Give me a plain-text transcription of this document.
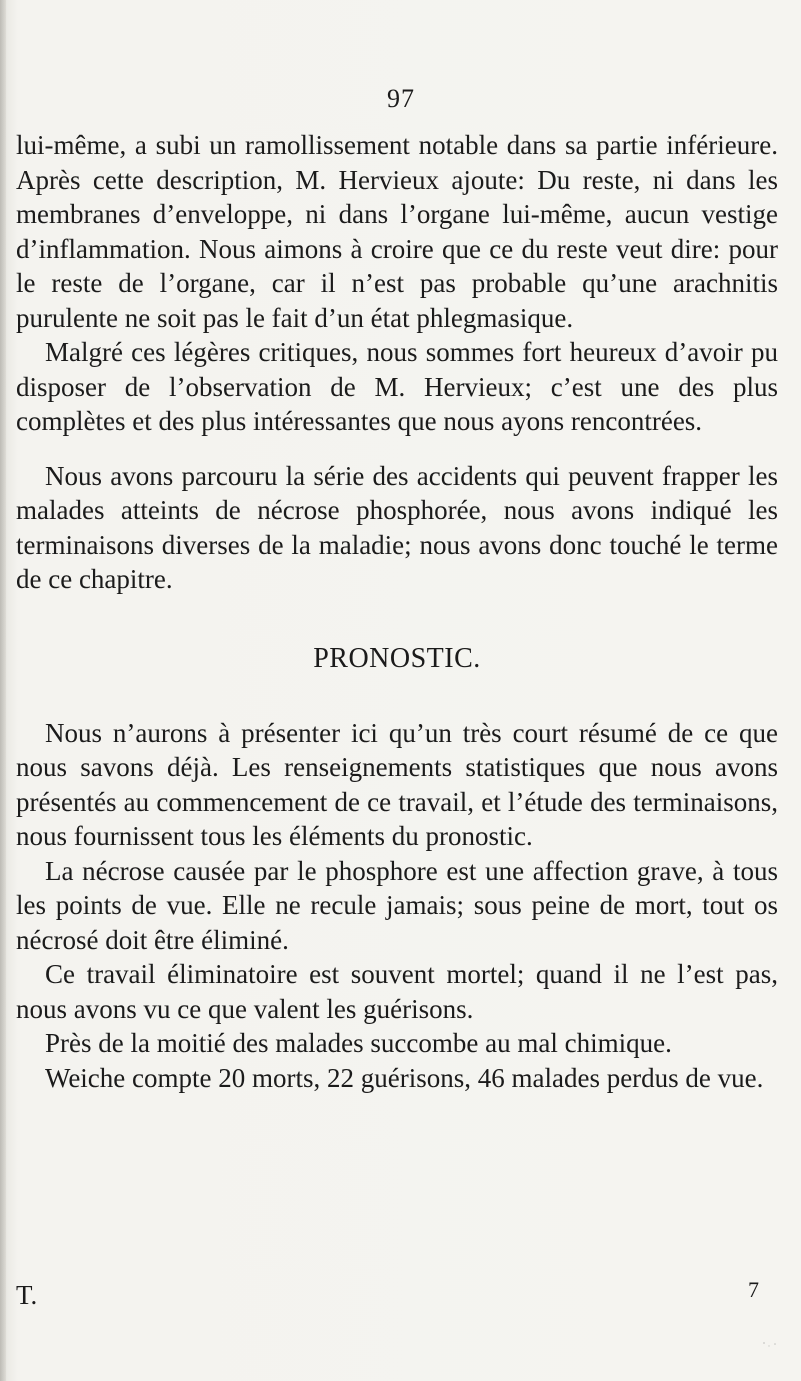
97

lui-même, a subi un ramollissement notable dans sa partie inférieure. Après cette description, M. Hervieux ajoute: Du reste, ni dans les membranes d’enveloppe, ni dans l’organe lui-même, aucun vestige d’inflammation. Nous aimons à croire que ce du reste veut dire: pour le reste de l’organe, car il n’est pas probable qu’une arachnitis purulente ne soit pas le fait d’un état phlegmasique.

Malgré ces légères critiques, nous sommes fort heureux d’avoir pu disposer de l’observation de M. Hervieux; c’est une des plus complètes et des plus intéressantes que nous ayons rencontrées.

Nous avons parcouru la série des accidents qui peuvent frapper les malades atteints de nécrose phosphorée, nous avons indiqué les terminaisons diverses de la maladie; nous avons donc touché le terme de ce chapitre.

PRONOSTIC.

Nous n’aurons à présenter ici qu’un très court résumé de ce que nous savons déjà. Les renseignements statistiques que nous avons présentés au commencement de ce travail, et l’étude des terminaisons, nous fournissent tous les éléments du pronostic.

La nécrose causée par le phosphore est une affection grave, à tous les points de vue. Elle ne recule jamais; sous peine de mort, tout os nécrosé doit être éliminé.

Ce travail éliminatoire est souvent mortel; quand il ne l’est pas, nous avons vu ce que valent les guérisons.

Près de la moitié des malades succombe au mal chimique.

Weiche compte 20 morts, 22 guérisons, 46 malades perdus de vue.

T.	7
